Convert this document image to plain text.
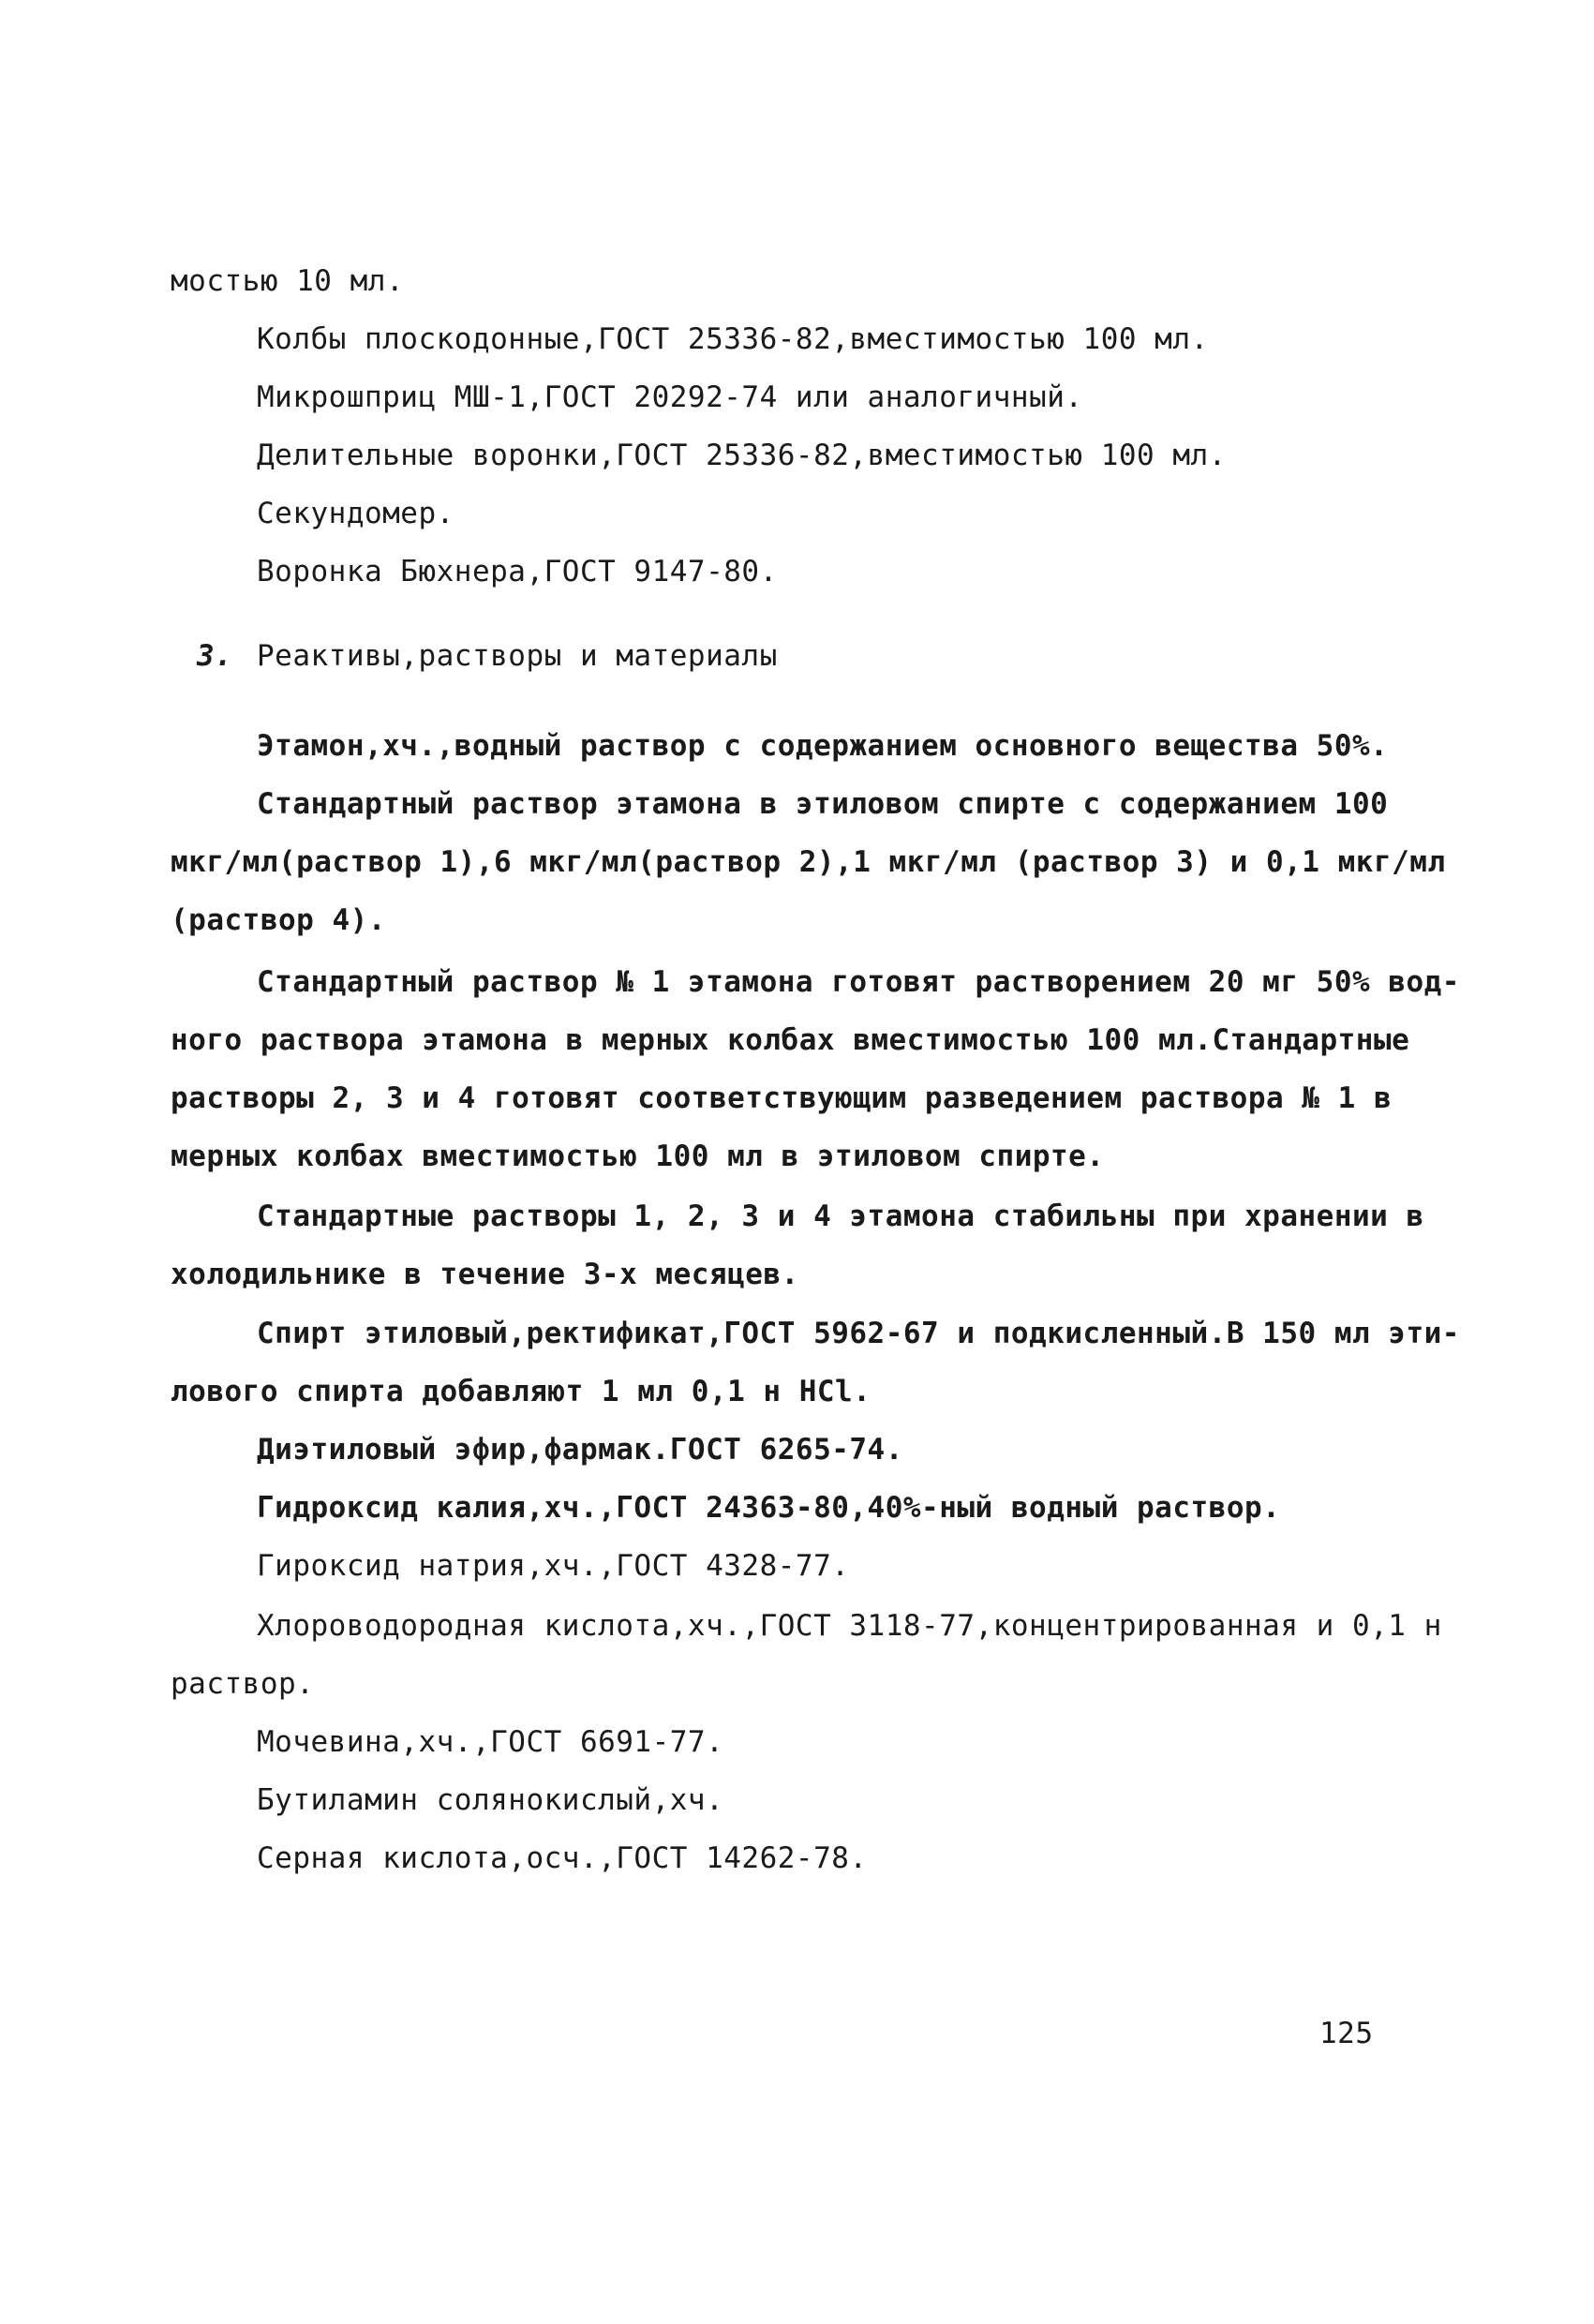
мостью 10 мл.
Колбы плоскодонные,ГОСТ 25336-82,вместимостью 100 мл.
Микрошприц МШ-1,ГОСТ 20292-74 или аналогичный.
Делительные воронки,ГОСТ 25336-82,вместимостью 100 мл.
Секундомер.
Воронка Бюхнера,ГОСТ 9147-80.
3. Реактивы,растворы и материалы
Этамон,хч.,водный раствор с содержанием основного вещества 50%.
Стандартный раствор этамона в этиловом спирте с содержанием 100
мкг/мл(раствор 1),6 мкг/мл(раствор 2),1 мкг/мл (раствор 3) и 0,1 мкг/мл
(раствор 4).
Стандартный раствор № 1 этамона готовят растворением 20 мг 50% вод-
ного раствора этамона в мерных колбах вместимостью 100 мл.Стандартные
растворы 2, 3 и 4 готовят соответствующим разведением раствора № 1 в
мерных колбах вместимостью 100 мл в этиловом спирте.
Стандартные растворы 1, 2, 3 и 4 этамона стабильны при хранении в
холодильнике в течение 3-х месяцев.
Спирт этиловый,ректификат,ГОСТ 5962-67 и подкисленный.В 150 мл эти-
лового спирта добавляют 1 мл 0,1 н HCl.
Диэтиловый эфир,фармак.ГОСТ 6265-74.
Гидроксид калия,хч.,ГОСТ 24363-80,40%-ный водный раствор.
Гироксид натрия,хч.,ГОСТ 4328-77.
Хлороводородная кислота,хч.,ГОСТ 3118-77,концентрированная и 0,1 н
раствор.
Мочевина,хч.,ГОСТ 6691-77.
Бутиламин солянокислый,хч.
Серная кислота,осч.,ГОСТ 14262-78.
125
